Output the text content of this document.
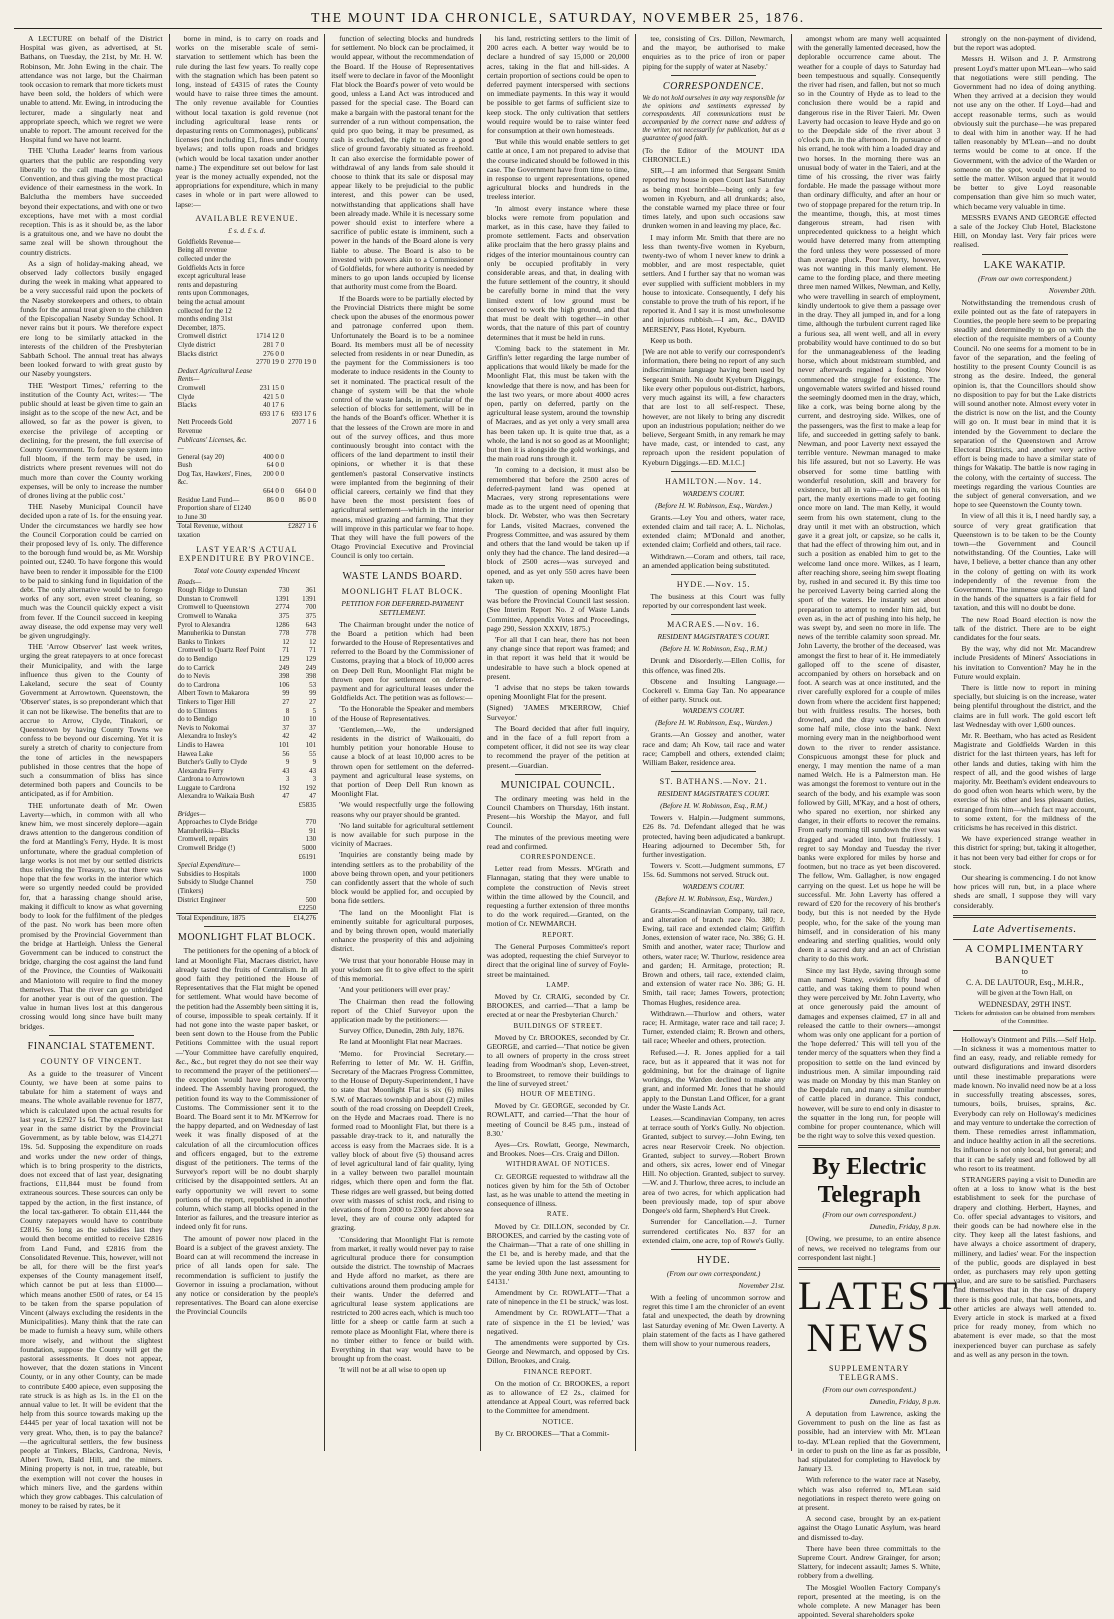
THE MOUNT IDA CHRONICLE, SATURDAY, NOVEMBER 25, 1876.

A LECTURE on behalf of the District Hospital was given, as advertised, at St. Bathans, on Tuesday, the 21st, by Mr. H. W. Robinson, Mr. John Ewing in the chair. The attendance was not large, but the Chairman took occasion to remark that more tickets must have been sold, the holders of which were unable to attend. Mr. Ewing, in introducing the lecturer, made a singularly neat and appropriate speech, which we regret we were unable to report. The amount received for the Hospital fund we have not learnt.

THE 'Clutha Leader' learns from various quarters that the public are responding very liberally to the call made by the Otago Convention, and thus giving the most practical evidence of their earnestness in the work. In Balclutha the members have succeeded beyond their expectations, and with one or two exceptions, have met with a most cordial reception. This is as it should be, as the labor is a gratuitous one, and we have no doubt the same zeal will be shown throughout the country districts.

As a sign of holiday-making ahead, we observed lady collectors busily engaged during the week in making what appeared to be a very successful raid upon the pockets of the Naseby storekeepers and others, to obtain funds for the annual treat given to the children of the Episcopalian Naseby Sunday School. It never rains but it pours. We therefore expect ere long to be similarly attacked in the interests of the children of the Presbyterian Sabbath School. The annual treat has always been looked forward to with great gusto by our Naseby youngsters.

THE 'Westport Times,' referring to the institution of the County Act, writes:— 'The public should at least be given time to gain an insight as to the scope of the new Act, and be allowed, so far as the power is given, to exercise the privilege of accepting or declining, for the present, the full exercise of County Government. To force the system into full bloom, if the term may be used, in districts where present revenues will not do much more than cover the County working expenses, will be only to increase the number of drones living at the public cost.'

THE Naseby Municipal Council have decided upon a rate of 1s. for the ensuing year. Under the circumstances we hardly see how the Council Corporation could be carried on their proposed levy of 1s. only. The difference to the borough fund would be, as Mr. Worship pointed out, £240. To have forgone this would have been to render it impossible for the £100 to be paid to sinking fund in liquidation of the debt. The only alternative would be to forego works of any sort, even street cleaning, so much was the Council quickly expect a visit from fever. If the Council succeed in keeping away disease, the odd expense may very well be given ungrudgingly.

THE 'Arrow Observer' last week writes, urging the great ratepayers to at once forecast their Municipality, and with the large influence thus given to the County of Lakeland, secure the seat of County Government at Arrowtown. Queenstown, the 'Observer' states, is so preponderant which that it can not be likewise. The benefits that are to accrue to Arrow, Clyde, Tinakori, or Queenstown by having County Towns we confess to be beyond our discerning. Yet it is surely a stretch of charity to conjecture from the tone of articles in the newspapers published in those centres that the hope of such a consummation of bliss has since determined both papers and Councils to be anticipated, as if for Ambition.

THE unfortunate death of Mr. Owen Laverty—which, in common with all who knew him, we most sincerely deplore—again draws attention to the dangerous condition of the ford at Mantling's Ferry, Hyde. It is most unfortunate, where the gradual completion of large works is not met by our settled districts thus relieving the Treasury, so that there was hope that the few works in the interior which were so urgently needed could be provided for, that a harassing change should arise, making it difficult to know as what governing body to look for the fulfilment of the pledges of the past. No work has been more often promised by the Provincial Government than the bridge at Hartleigh. Unless the General Government can be induced to construct the bridge, charging the cost against the land fund of the Province, the Counties of Waikouaiti and Maniototo will require to find the money themselves. That the river can go unbridged for another year is out of the question. The value in human lives lost at this dangerous crossing would long since have built many bridges.

FINANCIAL STATEMENT.
COUNTY OF VINCENT.

As a guide to the treasurer of Vincent County, we have been at some pains to tabulate for him a statement of ways and means. The whole available revenue for 1877, which is calculated upon the actual results for last year, is £2927 1s 6d. The expenditure last year in the same district by the Provincial Government, as by table below, was £14,271 19s. 5d. Supposing the expenditure on roads and works under the new order of things, which is to bring prosperity to the districts, does not exceed that of last year, designating fractions, £11,844 must be found from extraneous sources. These sources can only be tapped by the action, in the first instance, of the local tax-gatherer. To obtain £11,444 the County ratepayers would have to contribute £2816. So long as the subsidies last they would then become entitled to receive £2816 from Land Fund, and £2816 from the Consolidated Revenue. This, however, will not be all, for there will be the first year's expenses of the County management itself, which cannot be put at less than £1000—which means another £500 of rates, or £4 15 to be taken from the sparse population of Vincent (always excluding the residents in the Municipalities). Many think that the rate can be made to furnish a heavy sum, while others more wisely, and without the slightest foundation, suppose the County will get the pastoral assessments. It does not appear, however, that the dozen stations in Vincent County, or in any other County, can be made to contribute £400 apiece, even supposing the rate struck is as high as 1s. in the £1 on the annual value to let. It will be evident that the help from this source towards making up the £4445 per year of local taxation will not be very great. Who, then, is to pay the balance?—the agricultural settlers, the few business people at Tinkers, Blacks, Cardrona, Nevis, Alberi Town, Bald Hill, and the miners. Mining property is not, in true, rateable, but the exemption will not cover the houses in which miners live, and the gardens within which they grow cabbages. This calculation of money to be raised by rates, be it

borne in mind, is to carry on roads and works on the miserable scale of semi-starvation to settlement which has been the rule during the last few years. To really cope with the stagnation which has been patent so long, instead of £4315 of rates the County would have to raise three times the amount. The only revenue available for Counties without local taxation is gold revenue (not including agricultural lease rents or depasturing rents on Commonages), publicans' licenses (not including £1, fines under County byelaws; and tolls upon roads and bridges (which would be local taxation under another name.) The expenditure set out below for last year is the money actually expended, not the appropriations for expenditure, which in many cases in whole or in part were allowed to lapse:—

AVAILABLE REVENUE.
£ s. d. £ s. d.
Goldfields Revenue— Being all revenue collected under the Goldfields Acts in force except agricultural lease rents and depasturing rents upon Commonages, being the actual amount collected for the 12 months ending 31st December, 1875.		
Cromwell district	1714 12 0	
Clyde district	281 7 0	
Blacks district	276 0 0	
	2770 19 0	2770 19 0
Deduct Agricultural Lease Rents—		
Cromwell	231 15 0	
Clyde	421 5 0	
Blacks	40 17 6	
	693 17 6	693 17 6
Nett Proceeds Gold Revenue		2077 1 6
Publicans' Licenses, &c.—		
General (say 20)	400 0 0	
Bush	64 0 0	
Dog Tax, Hawkers', Fines, &c.	200 0 0	
	664 0 0	664 0 0
Residue Land Fund— Proportion share of £1240 to June 30	86 0 0	86 0 0
Total Revenue, without taxation		£2827 1 6
LAST YEAR'S ACTUAL EXPENDITURE BY PROVINCE.
Total vote County expended Vincent
Roads—		
Rough Ridge to Dunstan	730	361
Dunstan to Cromwell	1391	1391
Cromwell to Queenstown	2774	700
Cromwell to Wanaka	375	375
Pyrol to Alexandra	1286	643
Manuherikia to Dunstan	778	778
Banks to Tinkers	12	12
Cromwell to Quartz Reef Point	71	71
do to Bendigo	129	129
do to Carrick	249	249
do to Nevis	398	398
do to Cardrona	106	53
Albert Town to Makarora	99	99
Tinkers to Tiger Hill	27	27
do to Clintons	8	5
do to Bendigo	10	10
Nevis to Nokomai	37	37
Alexandra to Insley's	42	42
Lindis to Hawea	101	101
Hawea Lake	56	55
Butcher's Gully to Clyde	9	9
Alexandra Ferry	43	43
Cardrona to Arrowtown	3	3
Luggate to Cardrona	192	192
Alexandra to Waikaia Bush	47	47
		£5835
Bridges—		
Approaches to Clyde Bridge		770
Manuherikia—Blacks		91
Cromwell, repairs		130
Cromwell Bridge (!)		5000
		£6191
Special Expenditure—		
Subsidies to Hospitals		1000
Subsidy to Sludge Channel (Tinkers)		750
District Engineer		500
		£2250
Total Expenditure, 1875		£14,276
MOONLIGHT FLAT BLOCK.

The petitioners for the opening of a block of land at Moonlight Flat, Macraes district, have already tasted the fruits of Centralism. In all good faith they petitioned the House of Representatives that the Flat might be opened for settlement. What would have become of the petition had the Assembly been sitting it is, of course, impossible to speak certainly. If it had not gone into the waste paper basket, or been sent down to the House from the Public Petitions Committee with the usual report—'Your Committee have carefully enquired, &c., &c., but regret they do not see their way to recommend the prayer of the petitioners'—the exception would have been noteworthy indeed. The Assembly having prorogued, the petition found its way to the Commissioner of Customs. The Commissioner sent it to the Board. The Board sent it to Mr. M'Kerrow for the happy departed, and on Wednesday of last week it was finally disposed of at the calculation of all the circumlocution offices and officers engaged, but to the extreme disgust of the petitioners. The terms of the Surveyor's report will be no doubt sharply criticised by the disappointed settlers. At an early opportunity we will revert to some portions of the report, republished in another column, which stamp all blocks opened in the Interior as failures, and the treasure interior as indeed only fit for runs.

The amount of power now placed in the Board is a subject of the gravest anxiety. The Board can at will recommend the increase in price of all lands open for sale. The recommendation is sufficient to justify the Governor in issuing a proclamation, without any notice or consideration by the people's representatives. The Board can alone exercise the Provincial Councils

function of selecting blocks and hundreds for settlement. No block can be proclaimed, it would appear, without the recommendation of the Board. If the House of Representatives itself were to declare in favor of the Moonlight Flat block the Board's power of veto would be good, unless a Land Act was introduced and passed for the special case. The Board can make a bargain with the pastoral tenant for the surrender of a run without compensation, the quid pro quo being, it may be presumed, as cash is excluded, the right to secure a good slice of ground favorably situated as freehold. It can also exercise the formidable power of withdrawal of any lands from sale should it choose to think that its sale or disposal may appear likely to be prejudicial to the public interest, and this power can be used, notwithstanding that applications shall have been already made. While it is necessary some power should exist to interfere where a sacrifice of public estate is imminent, such a power in the hands of the Board alone is very liable to abuse. The Board is also to be invested with powers akin to a Commissioner of Goldfields, for where authority is needed by miners to go upon lands occupied by license that authority must come from the Board.

If the Boards were to be partially elected by the Provincial Districts there might be some check upon the abuses of the enormous power and patronage conferred upon them. Unfortunately the Board is to be a nominee Board. Its members must all be of necessity selected from residents in or near Dunedin, as the payment for the Commissioners is too moderate to induce residents in the County to set it nominated. The practical result of the change of system will be that the whole control of the waste lands, in particular of the selection of blocks for settlement, will be in the hands of the Board's officer. Whether it is that the lessees of the Crown are more in and out of the survey offices, and thus more continuously brought into contact with the officers of the land department to instil their opinions, or whether it is that these gentlemen's pastoral Conservative instincts were implanted from the beginning of their official careers, certainly we find that they have been the most persistent foes of agricultural settlement—which in the interior means, mixed grazing and farming. That they will improve in this particular we fear to hope. That they will have the full powers of the Otago Provincial Executive and Provincial Council is only too certain.

WASTE LANDS BOARD.
MOONLIGHT FLAT BLOCK.
PETITION FOR DEFERRED-PAYMENT SETTLEMENT.

The Chairman brought under the notice of the Board a petition which had been forwarded to the House of Representatives and referred to the Board by the Commissioner of Customs, praying that a block of 10,000 acres on Deep Dell Run, Moonlight Flat might be thrown open for settlement on deferred-payment and for agricultural leases under the Goldfields Act. The petition was as follows:—

'To the Honorable the Speaker and members of the House of Representatives.

'Gentlemen,—We, the undersigned residents in the district of Waikouaiti, do humbly petition your honorable House to cause a block of at least 10,000 acres to be thrown open for settlement on the deferred-payment and agricultural lease systems, on that portion of Deep Dell Run known as Moonlight Flat.

'We would respectfully urge the following reasons why our prayer should be granted.

'No land suitable for agricultural settlement is now available for such purpose in the vicinity of Macraes.

'Inquiries are constantly being made by intending settlers as to the probability of the above being thrown open, and your petitioners can confidently assert that the whole of such block would be applied for, and occupied by bona fide settlers.

'The land on the Moonlight Flat is eminently suitable for agricultural purposes, and by being thrown open, would materially enhance the prosperity of this and adjoining district.

'We trust that your honorable House may in your wisdom see fit to give effect to the spirit of this memorial.

'And your petitioners will ever pray.'

The Chairman then read the following report of the Chief Surveyor upon the application made by the petitioners:—

Survey Office, Dunedin, 28th July, 1876.

Re land at Moonlight Flat near Macraes.

'Memo. for Provincial Secretary.—Referring to letter of Mr. W. H. Griffin, Secretary of the Macraes Progress Committee, to the House of Deputy-Superintendent, I have to state that Moonlight Flat is six (6) miles S.W. of Macraes township and about (2) miles south of the road crossing on Deepdell Creek, on the Hyde and Macraes road. There is no formed road to Moonlight Flat, but there is a passable dray-track to it, and naturally the access is easy from the Macraes side. It is a valley block of about five (5) thousand acres of level agricultural land of fair quality, lying in a valley between two parallel mountain ridges, which there open and form the flat. These ridges are well grassed, but being dotted over with masses of schist rock, and rising to elevations of from 2000 to 2300 feet above sea level, they are of course only adapted for grazing.

'Considering that Moonlight Flat is remote from market, it really would never pay to raise agricultural produce there for consumption outside the district. The township of Macraes and Hyde afford no market, as there are cultivations around them producing ample for their wants. Under the deferred and agricultural lease system applications are restricted to 200 acres each, which is much too little for a sheep or cattle farm at such a remote place as Moonlight Flat, where there is no timber either to fence or build with. Everything in that way would have to be brought up from the coast.

'It will not be at all wise to open up

his land, restricting settlers to the limit of 200 acres each. A better way would be to declare a hundred of say 15,000 or 20,000 acres, taking in the flat and hill-sides. A certain proportion of sections could be open to deferred payment interspersed with sections on immediate payments. In this way it would be possible to get farms of sufficient size to keep stock. The only cultivation that settlers would require would be to raise winter feed for consumption at their own homesteads.

'But while this would enable settlers to get cattle at once, I am not prepared to advise that the course indicated should be followed in this case. The Government have from time to time, in response to urgent representations, opened agricultural blocks and hundreds in the treeless interior.

'In almost every instance where these blocks were remote from population and market, as in this case, have they failed to promote settlement. Facts and observation alike proclaim that the hero grassy plains and ridges of the interior mountainous country can only be occupied profitably in very considerable areas, and that, in dealing with the future settlement of the country, it should be carefully borne in mind that the very limited extent of low ground must be conserved to work the high ground, and that that must be dealt with together—in other words, that the nature of this part of country determines that it must be held in runs.

'Coming back to the statement in Mr. Griffin's letter regarding the large number of applications that would likely be made for the Moonlight Flat, this must be taken with the knowledge that there is now, and has been for the last two years, or more about 4000 acres open, partly on deferred, partly on the agricultural lease system, around the township of Macraes, and as yet only a very small area has been taken up. It is quite true that, as a whole, the land is not so good as at Moonlight; but then it is alongside the gold workings, and the main road runs through it.

'In coming to a decision, it must also be remembered that before the 2500 acres of deferred-payment land was opened at Macraes, very strong representations were made as to the urgent need of opening that block. Dr. Webster, who was then Secretary for Lands, visited Macraes, convened the Progress Committee, and was assured by them and others that the land would be taken up if only they had the chance. The land desired—a block of 2500 acres—was surveyed and opened, and as yet only 550 acres have been taken up.

'The question of opening Moonlight Flat was before the Provincial Council last session. (See Interim Report No. 2 of Waste Lands Committee, Appendix Votes and Proceedings, page 290, Session XXXIV, 1875.)

'For all that I can hear, there has not been any change since that report was framed; and in that report it was held that it would be undesirable to have such a block opened at present.

'I advise that no steps be taken towards opening Moonlight Flat for the present.

(Signed) 'JAMES M'KERROW, Chief Surveyor.'

The Board decided that after full inquiry, and in the face of a full report from a competent officer, it did not see its way clear to recommend the prayer of the petition at present.—Guardian.

MUNICIPAL COUNCIL.

The ordinary meeting was held in the Council Chambers on Thursday, 16th instant. Present—his Worship the Mayor, and full Council.

The minutes of the previous meeting were read and confirmed.

CORRESPONDENCE.

Letter read from Messrs. M'Grath and Flannagan, stating that they were unable to complete the construction of Nevis street within the time allowed by the Council, and requesting a further extension of three months to do the work required.—Granted, on the motion of Cr. NEWMARCH.

REPORT.

The General Purposes Committee's report was adopted, requesting the chief Surveyor to direct that the original line of survey of Foyle-street be maintained.

LAMP.

Moved by Cr. CRAIG, seconded by Cr. BROOKES, and carried—'That a lamp be erected at or near the Presbyterian Church.'

BUILDINGS OF STREET.

Moved by Cr. BROOKES, seconded by Cr. GEORGE, and carried—'That notice be given to all owners of property in the cross street leading from Woodman's shop, Leven-street, to Broomstreet, to remove their buildings to the line of surveyed street.'

HOUR OF MEETING.

Moved by Cr. GEORGE, seconded by Cr. ROWLATT, and carried—'That the hour of meeting of Council be 8.45 p.m., instead of 8.30.'

Ayes—Crs. Rowlatt, George, Newmarch, and Brookes. Noes—Crs. Craig and Dillon.

WITHDRAWAL OF NOTICES.

Cr. GEORGE requested to withdraw all the notices given by him for the 5th of October last, as he was unable to attend the meeting in consequence of illness.

RATE.

Moved by Cr. DILLON, seconded by Cr. BROOKES, and carried by the casting vote of the Chairman—'That a rate of one shilling in the £1 be, and is hereby made, and that the same be levied upon the last assessment for the year ending 30th June next, amounting to £4131.'

Amendment by Cr. ROWLATT—'That a rate of ninepence in the £1 be struck,' was lost.

Amendment by Cr. ROWLATT—'That a rate of sixpence in the £1 be levied,' was negatived.

The amendments were supported by Crs. George and Newmarch, and opposed by Crs. Dillon, Brookes, and Craig.

FINANCE REPORT.

On the motion of Cr. BROOKES, a report as to allowance of £2 2s., claimed for attendance at Appeal Court, was referred back to the Committee for amendment.

NOTICE.

By Cr. BROOKES—'That a Commit-

tee, consisting of Crs. Dillon, Newmarch, and the mayor, be authorised to make enquiries as to the price of iron or paper piping for the supply of water at Naseby.'

CORRESPONDENCE.

We do not hold ourselves in any way responsible for the opinions and sentiments expressed by correspondents. All communications must be accompanied by the correct name and address of the writer, not necessarily for publication, but as a guarantee of good faith.

(To the Editor of the MOUNT IDA CHRONICLE.)

SIR,—I am informed that Sergeant Smith reported my house in open Court last Saturday as being most horrible—being only a few women in Kyeburn, and all drunkards; also, the constable warned my place three or four times lately, and upon such occasions saw drunken women in and leaving my place, &c.

I may inform Mr. Smith that there are no less than twenty-five women in Kyeburn, twenty-two of whom I never knew to drink a mobbler, and are most respectable, quiet settlers. And I further say that no woman was ever supplied with sufficient mobblers in my house to intoxicate. Consequently, I defy his constable to prove the truth of his report, if he reported it. And I say it is most unwholesome and injurious rubbish.—I am, &c., DAVID MERSENY, Pass Hotel, Kyeburn.

Keep us both.

[We are not able to verify our correspondent's information, there being no report of any such indiscriminate language having been used by Sergeant Smith. No doubt Kyeburn Diggings, like every other populous out-district, harbors, very much against its will, a few characters that are lost to all self-respect. These, however, are not likely to bring any discredit upon an industrious population; neither do we believe, Sergeant Smith, in any remark he may have made, cast, or intended to cast, any reproach upon the resident population of Kyeburn Diggings.—ED. M.I.C.]

HAMILTON.—Nov. 14.
WARDEN'S COURT.
(Before H. W. Robinson, Esq., Warden.)

Grants.—Ley You and others, water race, extended claim and tail race; A. L. Nicholas, extended claim; M'Donald and another, extended claim; Corfield and others, tail race.

Withdrawn.—Coram and others, tail race, an amended application being substituted.

HYDE.—Nov. 15.

The business at this Court was fully reported by our correspondent last week.

MACRAES.—Nov. 16.
RESIDENT MAGISTRATE'S COURT.
(Before H. W. Robinson, Esq., R.M.)

Drunk and Disorderly.—Ellen Collis, for this offence, was fined 20s.

Obscene and Insulting Language.—Cockerell v. Emma Gay Tan. No appearance of either party. Struck out.

WARDEN'S COURT.
(Before H. W. Robinson, Esq., Warden.)

Grants.—An Gossey and another, water race and dam; Ah Kow, tail race and water race; Campbell and others, extended claim; William Baker, residence area.

ST. BATHANS.—Nov. 21.
RESIDENT MAGISTRATE'S COURT.
(Before H. W. Robinson, Esq., R.M.)

Towers v. Halpin.—Judgment summons, £26 8s. 7d. Defendant alleged that he was protected, having been adjudicated a bankrupt. Hearing adjourned to December 5th, for further investigation.

Towers v. Scott.—Judgment summons, £7 15s. 6d. Summons not served. Struck out.

WARDEN'S COURT.
(Before H. W. Robinson, Esq., Warden.)

Grants.—Scandinavian Company, tail race, and alteration of branch race No. 380; J. Ewing, tail race and extended claim; Griffith Jones, extension of water race, No. 386; G. H. Smith and another, water race; Thurlow and others, water race; W. Thurlow, residence area and garden; H. Armitage, protection; R. Brown and others, tail race, extended claim, and extension of water race No. 386; G. H. Smith, tail race; James Towers, protection; Thomas Hughes, residence area.

Withdrawn.—Thurlow and others, water race; H. Armitage, water race and tail race; J. Turner, extended claim; R. Brown and others, tail race; Wheeler and others, protection.

Refused.—J. R. Jones applied for a tail race, but as it appeared that it was not for goldmining, but for the drainage of lignite workings, the Warden declined to make any grant, and informed Mr. Jones that he should apply to the Dunstan Land Officer, for a grant under the Waste Lands Act.

Leases.—Scandinavian Company, ten acres at terrace south of York's Gully. No objection. Granted, subject to survey.—John Ewing, ten acres near Reservoir Creek. No objection. Granted, subject to survey.—Robert Brown and others, six acres, lower end of Vinegar Hill. No objection. Granted, subject to survey.—W. and J. Thurlow, three acres, to include an area of two acres, for which application had been previously made, top of spur above Dongee's old farm, Shepherd's Hut Creek.

Surrender for Cancellation.—J. Turner surrendered certificates No. 837 for an extended claim, one acre, top of Rowe's Gully.

HYDE.
(From our own correspondent.)
November 21st.

With a feeling of uncommon sorrow and regret this time I am the chronicler of an event fatal and unexpected, the death by drowning last Saturday evening of Mr. Owen Laverty. A plain statement of the facts as I have gathered them will show to your numerous readers,

amongst whom are many well acquainted with the generally lamented deceased, how the deplorable occurrence came about. The weather for a couple of days to Saturday had been tempestuous and squally. Consequently the river had risen, and fallen, but not so much so in the Country of Hyde as to lead to the conclusion there would be a rapid and dangerous rise in the River Taieri. Mr. Owen Laverty had occasion to leave Hyde and go on to the Deepdale side of the river about 3 o'clock p.m. in the afternoon. In pursuance of his errand, he took with him a loaded dray and two horses. In the morning there was an unusual body of water in the Taieri, and at the time of his crossing, the river was fairly fordable. He made the passage without more than ordinary difficulty, and after an hour or two of stoppage prepared for the return trip. In the meantime, though, this, at most times dangerous stream, had risen with unprecedented quickness to a height which would have deterred many from attempting the ford unless they were possessed of more than average pluck. Poor Laverty, however, was not wanting in this manly element. He came to the fording place, and there meeting three men named Wilkes, Newman, and Kelly, who were travelling in search of employment, kindly undertook to give them a passage over in the dray. They all jumped in, and for a long time, although the turbulent current raged like a furious sea, all went well, and all in every probability would have continued to do so but for the unmanageableness of the leading horse, which about midstream stumbled, and never afterwards regained a footing. Now commenced the struggle for existence. The ungovernable waters swirled and hissed round the seemingly doomed men in the dray, which, like a cork, was being borne along by the current, and destroying side. Wilkes, one of the passengers, was the first to make a leap for life, and succeeded in getting safely to bank. Newman, and poor Laverty next essayed the terrible venture. Newman managed to make his life assured, but not so Laverty. He was observed for some time battling with wonderful resolution, skill and bravery for existence, but all in vain—all in vain, on his part, the manly exertions made to get footing once more on land. The man Kelly, it would seem from his own statement, clung to the dray until it met with an obstruction, which gave it a great jolt, or capsize, so he calls it, that had the effect of throwing him out, and in such a position as enabled him to get to the welcome land once more. Wilkes, as I learn, after reaching shore, seeing him swept floating by, rushed in and secured it. By this time too he perceived Laverty being carried along the sport of the waters. He instantly set about preparation to attempt to render him aid, but even as, in the act of pushing into his help, he was swept by, and seen no more in life. The news of the terrible calamity soon spread. Mr. John Laverty, the brother of the deceased, was amongst the first to hear of it. He immediately galloped off to the scene of disaster, accompanied by others on horseback and on foot. A search was at once instituted, and the river carefully explored for a couple of miles down from where the accident first happened; but with fruitless results. The horses, both drowned, and the dray was washed down some half mile, close into the bank. Next morning every man in the neighborhood went down to the river to render assistance. Conspicuous amongst these for pluck and energy, I may mention the name of a man named Welch. He is a Palmerston man. He was amongst the foremost to venture out in the search of the body, and his example was soon followed by Gill, M'Kay, and a host of others, who spared no exertion, nor shirked any danger, in their efforts to recover the remains. From early morning till sundown the river was dragged and waded into, but fruitlessly. I regret to say Monday and Tuesday the river banks were explored for miles by horse and footmen, but no trace as yet been discovered. The fellow, Wm. Gallagher, is now engaged carrying on the quest. Let us hope he will be successful. Mr. John Laverty has offered a reward of £20 for the recovery of his brother's body, but this is not needed by the Hyde people, who, for the sake of the young man himself, and in consideration of his many endearing and sterling qualities, would only deem it a sacred duty and an act of Christian charity to do this work.

Since my last Hyde, saving through some man named Staney, evident fifty head of cattle, and was taking them to pound when they were perceived by Mr. John Laverty, who at once generously paid the amount of damages and expenses claimed, £7 in all and released the cattle to their owners—amongst whom was only one applicant for a portion of the 'hope deferred.' This will tell you of the tender mercy of the squatters when they find a proposition to settle on the land evinced by industrious men. A similar impounding raid was made on Monday by this man Stanley on the Deepdale run, and many a similar number of cattle placed in durance. This conduct, however, will be sure to end only in disaster to the squatter in the long run, for people will combine for proper countenance, which will be the right way to solve this vexed question.

By Electric Telegraph
(From our own correspondent.)
Dunedin, Friday, 8 p.m.

[Owing, we presume, to an entire absence of news, we received no telegrams from our correspondent last night.]

LATEST NEWS
SUPPLEMENTARY TELEGRAMS.
(From our own correspondent.)
Dunedin, Friday, 8 p.m.

A deputation from Lawrence, asking the Government to push on the line as fast as possible, had an interview with Mr. M'Lean to-day. M'Lean replied that the Government, in order to push on the line as far as possible, had stipulated for completing to Havelock by January 13.

With reference to the water race at Naseby, which was also referred to, M'Lean said negotiations in respect thereto were going on at present.

A second case, brought by an ex-patient against the Otago Lunatic Asylum, was heard and dismissed to-day.

There have been three committals to the Supreme Court. Andrew Grainger, for arson; Slattery, for indecent assault; James S. White, robbery from a dwelling.

The Mosgiel Woollen Factory Company's report, presented at the meeting, is on the whole complete. A new Manager has been appointed. Several shareholders spoke

strongly on the non-payment of dividend, but the report was adopted.

Messrs H. Wilson and J. P. Armstrong present Loyd's matter upon M'Lean—who said that negotiations were still pending. The Government had no idea of doing anything. When they arrived at a decision they would not use any on the other. If Loyd—had and accept reasonable terms, such as would obviously suit the purchase—he was prepared to deal with him in another way. If he had tallen reasonably by M'Lean—and no doubt terms would be come to at once. If the Government, with the advice of the Warden or someone on the spot, would be prepared to settle the matter. Wilson argued that it would be better to give Loyd reasonable compensation than give him so much water, which became very valuable in time.

MESSRS EVANS AND GEORGE effected a sale of the Jockey Club Hotel, Blackstone Hill, on Monday last. Very fair prices were realised.

LAKE WAKATIP.
(From our own correspondent.)
November 20th.

Notwithstanding the tremendous crush of exile pointed out as the fate of ratepayers in Counties, the people here seem to be preparing steadily and determinedly to go on with the election of the requisite members of a County Council. No one seems for a moment to be in favor of the separation, and the feeling of hostility to the present County Council is as strong as the desire. Indeed, the general opinion is, that the Councillors should show no disposition to pay for but the Lake districts will sound another note. Almost every voter in the district is now on the list, and the County will go on. It must bear in mind that it is intended by the Government to declare the separation of the Queenstown and Arrow Electoral Districts, and another very active effort is being made to have a similar state of things for Wakatip. The battle is now raging in the colony, with the certainty of success. The meetings regarding the various Counties are the subject of general conversation, and we hope to see Queenstown the County town.

In view of all this it is, I need hardly say, a source of very great gratification that Queenstown is to be taken to be the County town—the Government and Council notwithstanding. Of the Counties, Lake will have, I believe, a better chance than any other in the colony of getting on with its work independently of the revenue from the Government. The immense quantities of land in the hands of the squatters is a fair field for taxation, and this will no doubt be done.

The new Road Board election is now the talk of the district. There are to be eight candidates for the four seats.

By the way, why did not Mr. Macandrew include Presidents of Miners' Associations in his invitation to Convention? May he in the Future would explain.

There is little now to report in mining specially, but sluicing is on the increase, water being plentiful throughout the district, and the claims are in full work. The gold escort left last Wednesday with over 1,600 ounces.

Mr. R. Beetham, who has acted as Resident Magistrate and Goldfields Warden in this district for the last thirteen years, has left for other lands and duties, taking with him the respect of all, and the good wishes of large majority. Mr. Beetham's evident endeavours to do good often won hearts which were, by the exercise of his other and less pleasant duties, estranged from him—which fact may account, to some extent, for the mildness of the criticisms he has received in this district.

We have experienced strange weather in this district for spring; but, taking it altogether, it has not been very bad either for crops or for stock.

Our shearing is commencing. I do not know how prices will run, but, in a place where sheds are small, I suppose they will vary considerably.

Late Advertisements.
A COMPLIMENTARY BANQUET
to
C. A. DE LAUTOUR, Esq., M.H.R.,
will be given at the Town Hall, on
WEDNESDAY, 29TH INST.
Tickets for admission can be obtained from members of the Committee.

Holloway's Ointment and Pills.—Self Help.—In sickness it was a momentous matter to find an easy, ready, and reliable remedy for outward disfigurations and inward disorders until these inestimable preparations were made known. No invalid need now be at a loss in successfully treating abscesses, sores, tumours, boils, bruises, sprains, &c. Everybody can rely on Holloway's medicines and may venture to undertake the correction of them. These remedies arrest inflammation, and induce healthy action in all the secretions. Its influence is not only local, but general; and that it can be safely used and followed by all who resort to its treatment.

STRANGERS paying a visit to Dunedin are often at a loss to know what is the best establishment to seek for the purchase of drapery and clothing. Herbert, Haynes, and Co. offer special advantages to visitors, and their goods can be had nowhere else in the city. They keep all the latest fashions, and have always a choice assortment of drapery, millinery, and ladies' wear. For the inspection of the public, goods are displayed in best order, as purchasers may rely upon getting value, and are sure to be satisfied. Purchasers find themselves that in the case of drapery there is this good rule, that hats, bonnets, and other articles are always well attended to. Every article in stock is marked at a fixed price for ready money, from which no abatement is ever made, so that the most inexperienced buyer can purchase as safely and as well as any person in the town.
